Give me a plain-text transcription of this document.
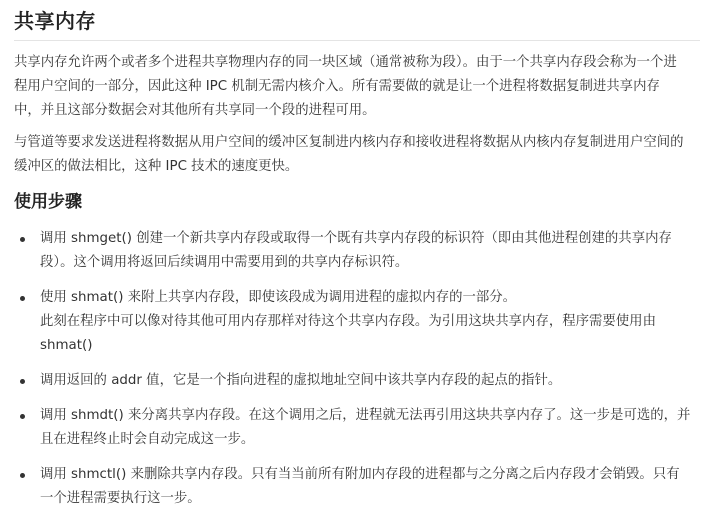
共享内存

共享内存允许两个或者多个进程共享物理内存的同一块区域（通常被称为段）。由于一个共享内存段会称为一个进
程用户空间的一部分，因此这种 IPC 机制无需内核介入。所有需要做的就是让一个进程将数据复制进共享内存
中，并且这部分数据会对其他所有共享同一个段的进程可用。

与管道等要求发送进程将数据从用户空间的缓冲区复制进内核内存和接收进程将数据从内核内存复制进用户空间的
缓冲区的做法相比，这种 IPC 技术的速度更快。

使用步骤
调用 shmget() 创建一个新共享内存段或取得一个既有共享内存段的标识符（即由其他进程创建的共享内存
段）。这个调用将返回后续调用中需要用到的共享内存标识符。
使用 shmat() 来附上共享内存段，即使该段成为调用进程的虚拟内存的一部分。
此刻在程序中可以像对待其他可用内存那样对待这个共享内存段。为引用这块共享内存，程序需要使用由
shmat()
调用返回的 addr 值，它是一个指向进程的虚拟地址空间中该共享内存段的起点的指针。
调用 shmdt() 来分离共享内存段。在这个调用之后，进程就无法再引用这块共享内存了。这一步是可选的，并
且在进程终止时会自动完成这一步。
调用 shmctl() 来删除共享内存段。只有当当前所有附加内存段的进程都与之分离之后内存段才会销毁。只有
一个进程需要执行这一步。
